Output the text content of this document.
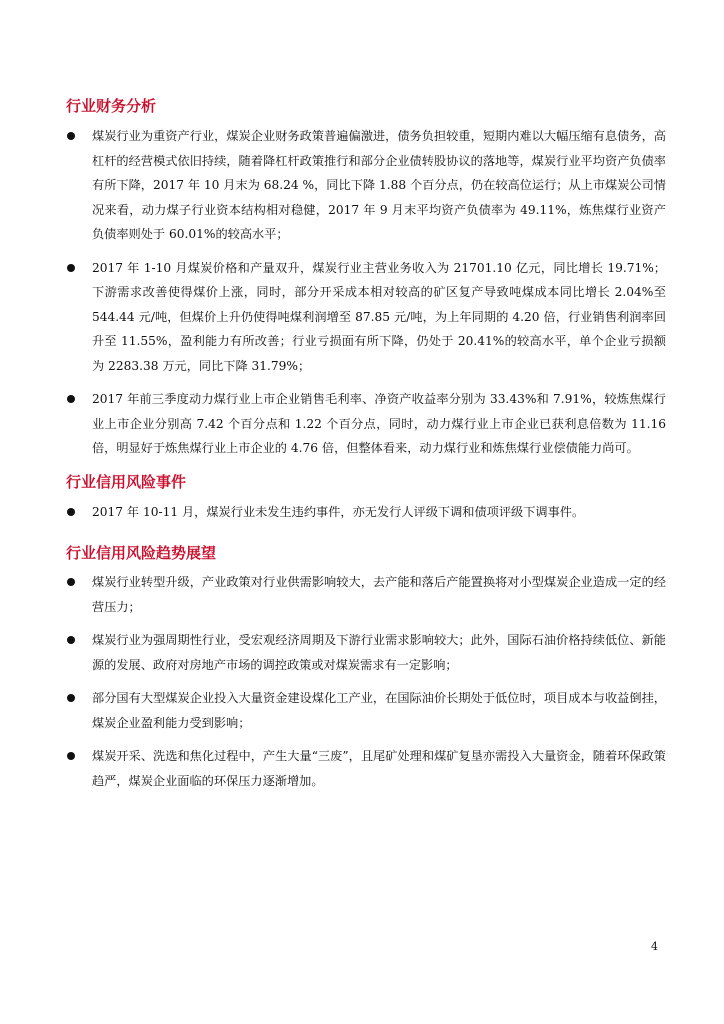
行业财务分析
煤炭行业为重资产行业，煤炭企业财务政策普遍偏激进，债务负担较重，短期内难以大幅压缩有息债务，高杠杆的经营模式依旧持续，随着降杠杆政策推行和部分企业债转股协议的落地等，煤炭行业平均资产负债率有所下降，2017 年 10 月末为 68.24 %，同比下降 1.88 个百分点，仍在较高位运行；从上市煤炭公司情况来看，动力煤子行业资本结构相对稳健，2017 年 9 月末平均资产负债率为 49.11%，炼焦煤行业资产负债率则处于 60.01%的较高水平；
2017 年 1-10 月煤炭价格和产量双升，煤炭行业主营业务收入为 21701.10 亿元，同比增长 19.71%；下游需求改善使得煤价上涨，同时，部分开采成本相对较高的矿区复产导致吨煤成本同比增长 2.04%至 544.44 元/吨，但煤价上升仍使得吨煤利润增至 87.85 元/吨，为上年同期的 4.20 倍，行业销售利润率回升至 11.55%，盈利能力有所改善；行业亏损面有所下降，仍处于 20.41%的较高水平，单个企业亏损额为 2283.38 万元，同比下降 31.79%；
2017 年前三季度动力煤行业上市企业销售毛利率、净资产收益率分别为 33.43%和 7.91%，较炼焦煤行业上市企业分别高 7.42 个百分点和 1.22 个百分点，同时，动力煤行业上市企业已获利息倍数为 11.16 倍，明显好于炼焦煤行业上市企业的 4.76 倍，但整体看来，动力煤行业和炼焦煤行业偿债能力尚可。
行业信用风险事件
2017 年 10-11 月，煤炭行业未发生违约事件，亦无发行人评级下调和债项评级下调事件。
行业信用风险趋势展望
煤炭行业转型升级，产业政策对行业供需影响较大，去产能和落后产能置换将对小型煤炭企业造成一定的经营压力；
煤炭行业为强周期性行业，受宏观经济周期及下游行业需求影响较大；此外，国际石油价格持续低位、新能源的发展、政府对房地产市场的调控政策或对煤炭需求有一定影响；
部分国有大型煤炭企业投入大量资金建设煤化工产业，在国际油价长期处于低位时，项目成本与收益倒挂，煤炭企业盈利能力受到影响；
煤炭开采、洗选和焦化过程中，产生大量“三废”，且尾矿处理和煤矿复垦亦需投入大量资金，随着环保政策趋严，煤炭企业面临的环保压力逐渐增加。
4
